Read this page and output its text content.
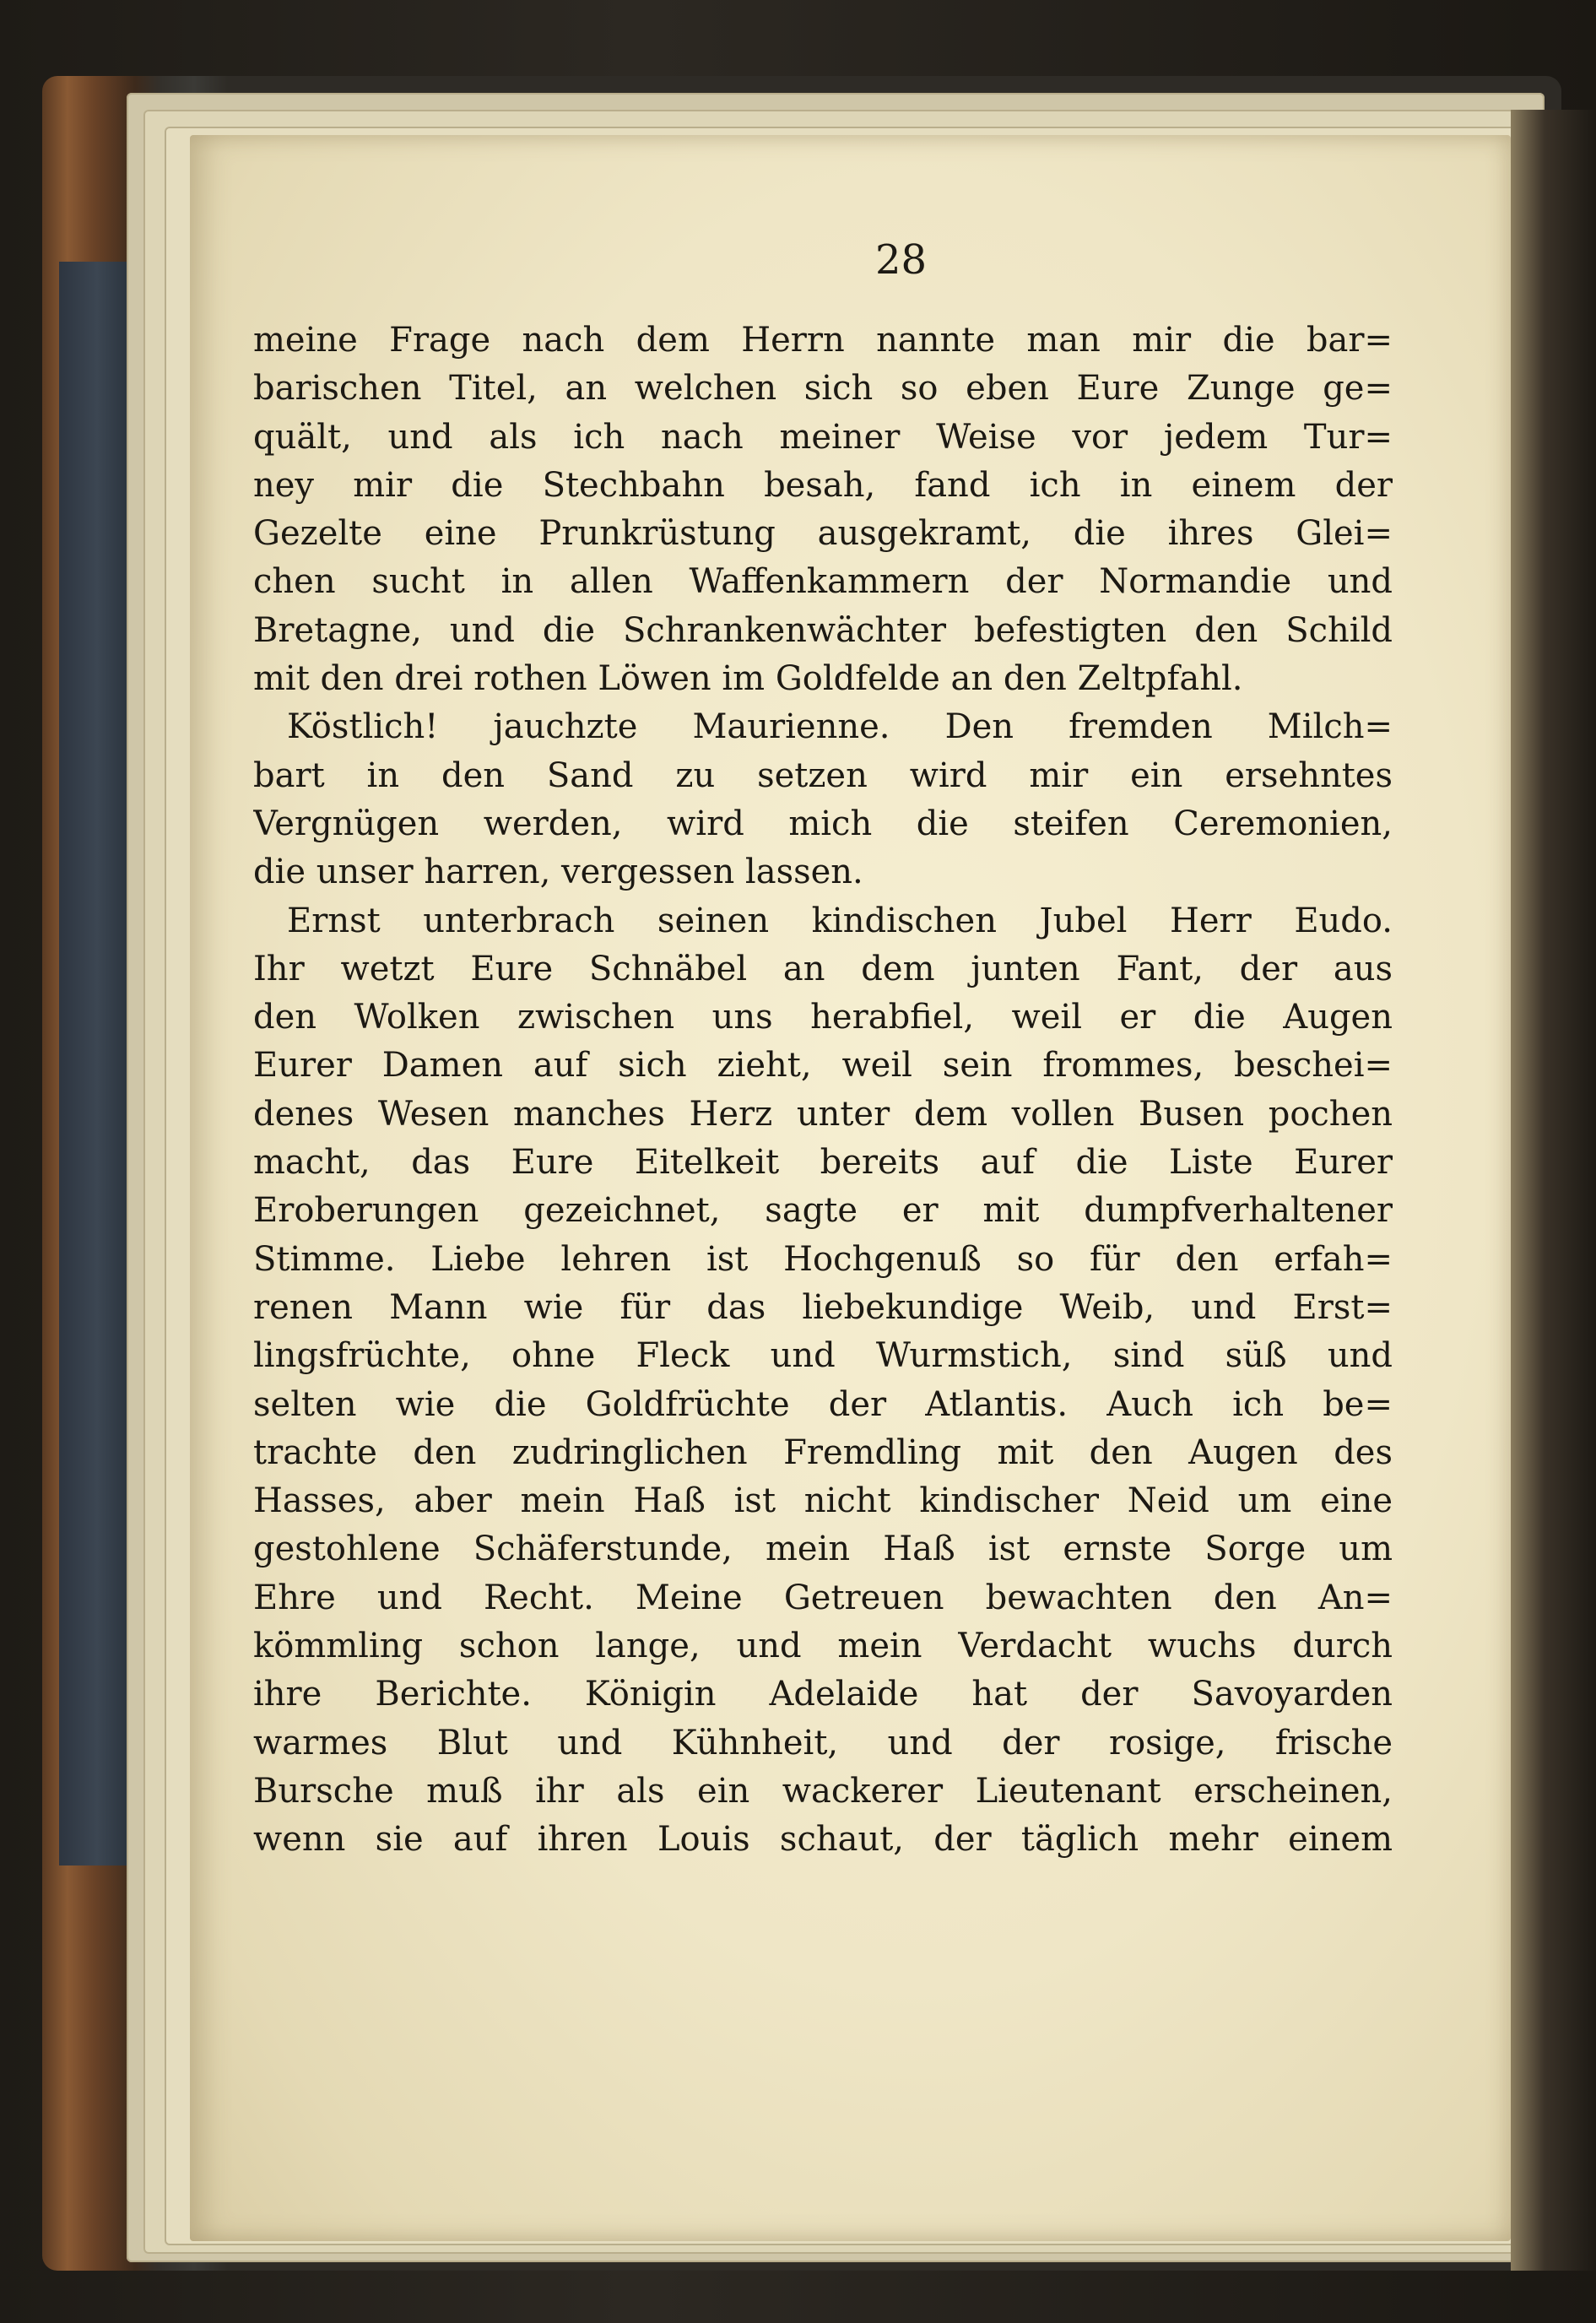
28
meine Frage nach dem Herrn nannte man mir die bar=
barischen Titel, an welchen sich so eben Eure Zunge ge=
quält, und als ich nach meiner Weise vor jedem Tur=
ney mir die Stechbahn besah, fand ich in einem der
Gezelte eine Prunkrüstung ausgekramt, die ihres Glei=
chen sucht in allen Waffenkammern der Normandie und
Bretagne, und die Schrankenwächter befestigten den Schild
mit den drei rothen Löwen im Goldfelde an den Zeltpfahl.
Köstlich! jauchzte Maurienne. Den fremden Milch=
bart in den Sand zu setzen wird mir ein ersehntes
Vergnügen werden, wird mich die steifen Ceremonien,
die unser harren, vergessen lassen.
Ernst unterbrach seinen kindischen Jubel Herr Eudo.
Ihr wetzt Eure Schnäbel an dem junten Fant, der aus
den Wolken zwischen uns herabfiel, weil er die Augen
Eurer Damen auf sich zieht, weil sein frommes, beschei=
denes Wesen manches Herz unter dem vollen Busen pochen
macht, das Eure Eitelkeit bereits auf die Liste Eurer
Eroberungen gezeichnet, sagte er mit dumpfverhaltener
Stimme. Liebe lehren ist Hochgenuß so für den erfah=
renen Mann wie für das liebekundige Weib, und Erst=
lingsfrüchte, ohne Fleck und Wurmstich, sind süß und
selten wie die Goldfrüchte der Atlantis. Auch ich be=
trachte den zudringlichen Fremdling mit den Augen des
Hasses, aber mein Haß ist nicht kindischer Neid um eine
gestohlene Schäferstunde, mein Haß ist ernste Sorge um
Ehre und Recht. Meine Getreuen bewachten den An=
kömmling schon lange, und mein Verdacht wuchs durch
ihre Berichte. Königin Adelaide hat der Savoyarden
warmes Blut und Kühnheit, und der rosige, frische
Bursche muß ihr als ein wackerer Lieutenant erscheinen,
wenn sie auf ihren Louis schaut, der täglich mehr einem
